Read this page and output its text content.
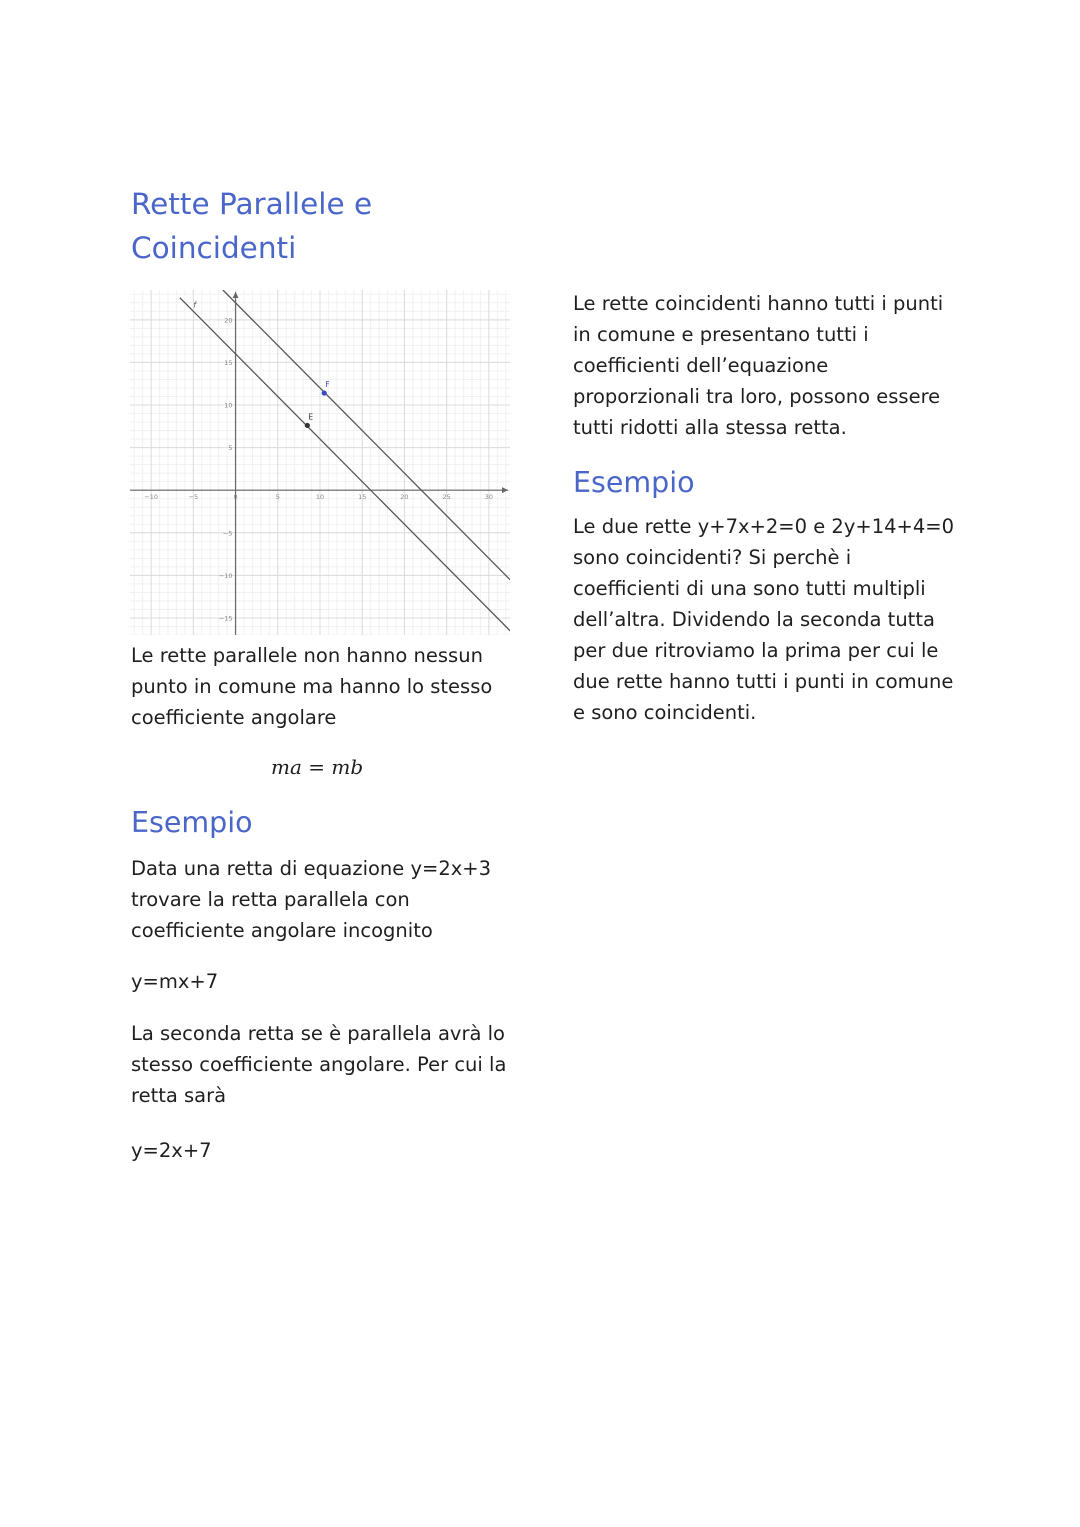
Rette Parallele e Coincidenti
−10	−5	0	5	10	15	20	25	30
−15
−10
−5
5
10
15
20
f
E
F

Le rette parallele non hanno nessun punto in comune ma hanno lo stesso coefficiente angolare

ma = mb
Esempio

Data una retta di equazione y=2x+3 trovare la retta parallela con coefficiente angolare incognito

y=mx+7

La seconda retta se è parallela avrà lo stesso coefficiente angolare. Per cui la retta sarà

y=2x+7

Le rette coincidenti hanno tutti i punti in comune e presentano tutti i coefficienti dell’equazione proporzionali tra loro, possono essere tutti ridotti alla stessa retta.

Esempio

Le due rette y+7x+2=0 e 2y+14+4=0 sono coincidenti? Si perchè i coefficienti di una sono tutti multipli dell’altra. Dividendo la seconda tutta per due ritroviamo la prima per cui le due rette hanno tutti i punti in comune e sono coincidenti.
